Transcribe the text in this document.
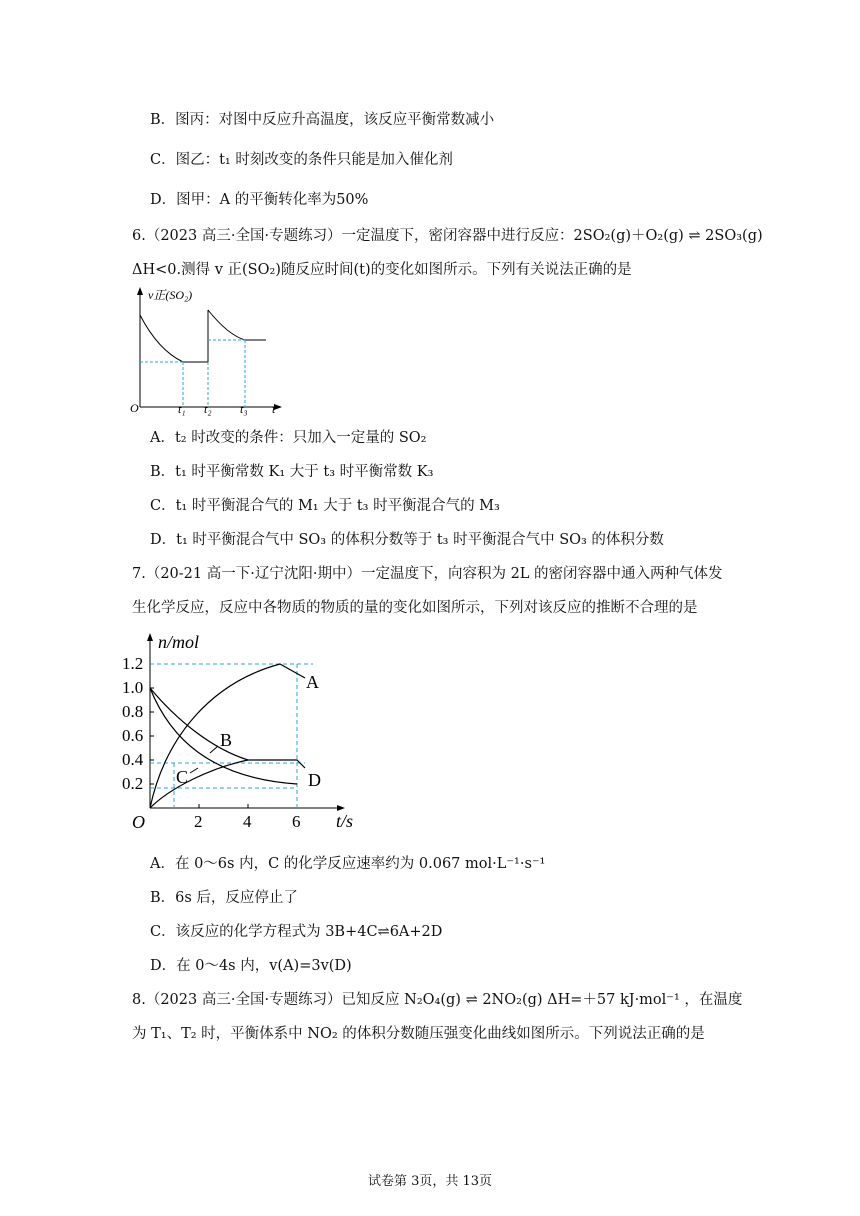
B．图丙：对图中反应升高温度，该反应平衡常数减小
C．图乙：t₁ 时刻改变的条件只能是加入催化剂
D．图甲：A 的平衡转化率为50%
6.（2023 高三·全国·专题练习）一定温度下，密闭容器中进行反应：2SO₂(g)＋O₂(g) ⇌ 2SO₃(g)
ΔH<0.测得 v 正(SO₂)随反应时间(t)的变化如图所示。下列有关说法正确的是
v正(SO₂)
O	t₁ t₂ t₃ t
A．t₂ 时改变的条件：只加入一定量的 SO₂
B．t₁ 时平衡常数 K₁ 大于 t₃ 时平衡常数 K₃
C．t₁ 时平衡混合气的 M₁ 大于 t₃ 时平衡混合气的 M₃
D．t₁ 时平衡混合气中 SO₃ 的体积分数等于 t₃ 时平衡混合气中 SO₃ 的体积分数
7.（20-21 高一下·辽宁沈阳·期中）一定温度下，向容积为 2L 的密闭容器中通入两种气体发
生化学反应，反应中各物质的物质的量的变化如图所示，下列对该反应的推断不合理的是
A
B
C	D
1.2
1.0
0.8
0.6
0.4
0.2
n/mol
O	2 4 6 t/s
A．在 0～6s 内，C 的化学反应速率约为 0.067 mol·L⁻¹·s⁻¹
B．6s 后，反应停止了
C．该反应的化学方程式为 3B+4C⇌6A+2D
D．在 0～4s 内，v(A)=3v(D)
8.（2023 高三·全国·专题练习）已知反应 N₂O₄(g) ⇌ 2NO₂(g) ΔH=＋57 kJ·mol⁻¹ ，在温度
为 T₁、T₂ 时，平衡体系中 NO₂ 的体积分数随压强变化曲线如图所示。下列说法正确的是
试卷第 3页，共 13页
